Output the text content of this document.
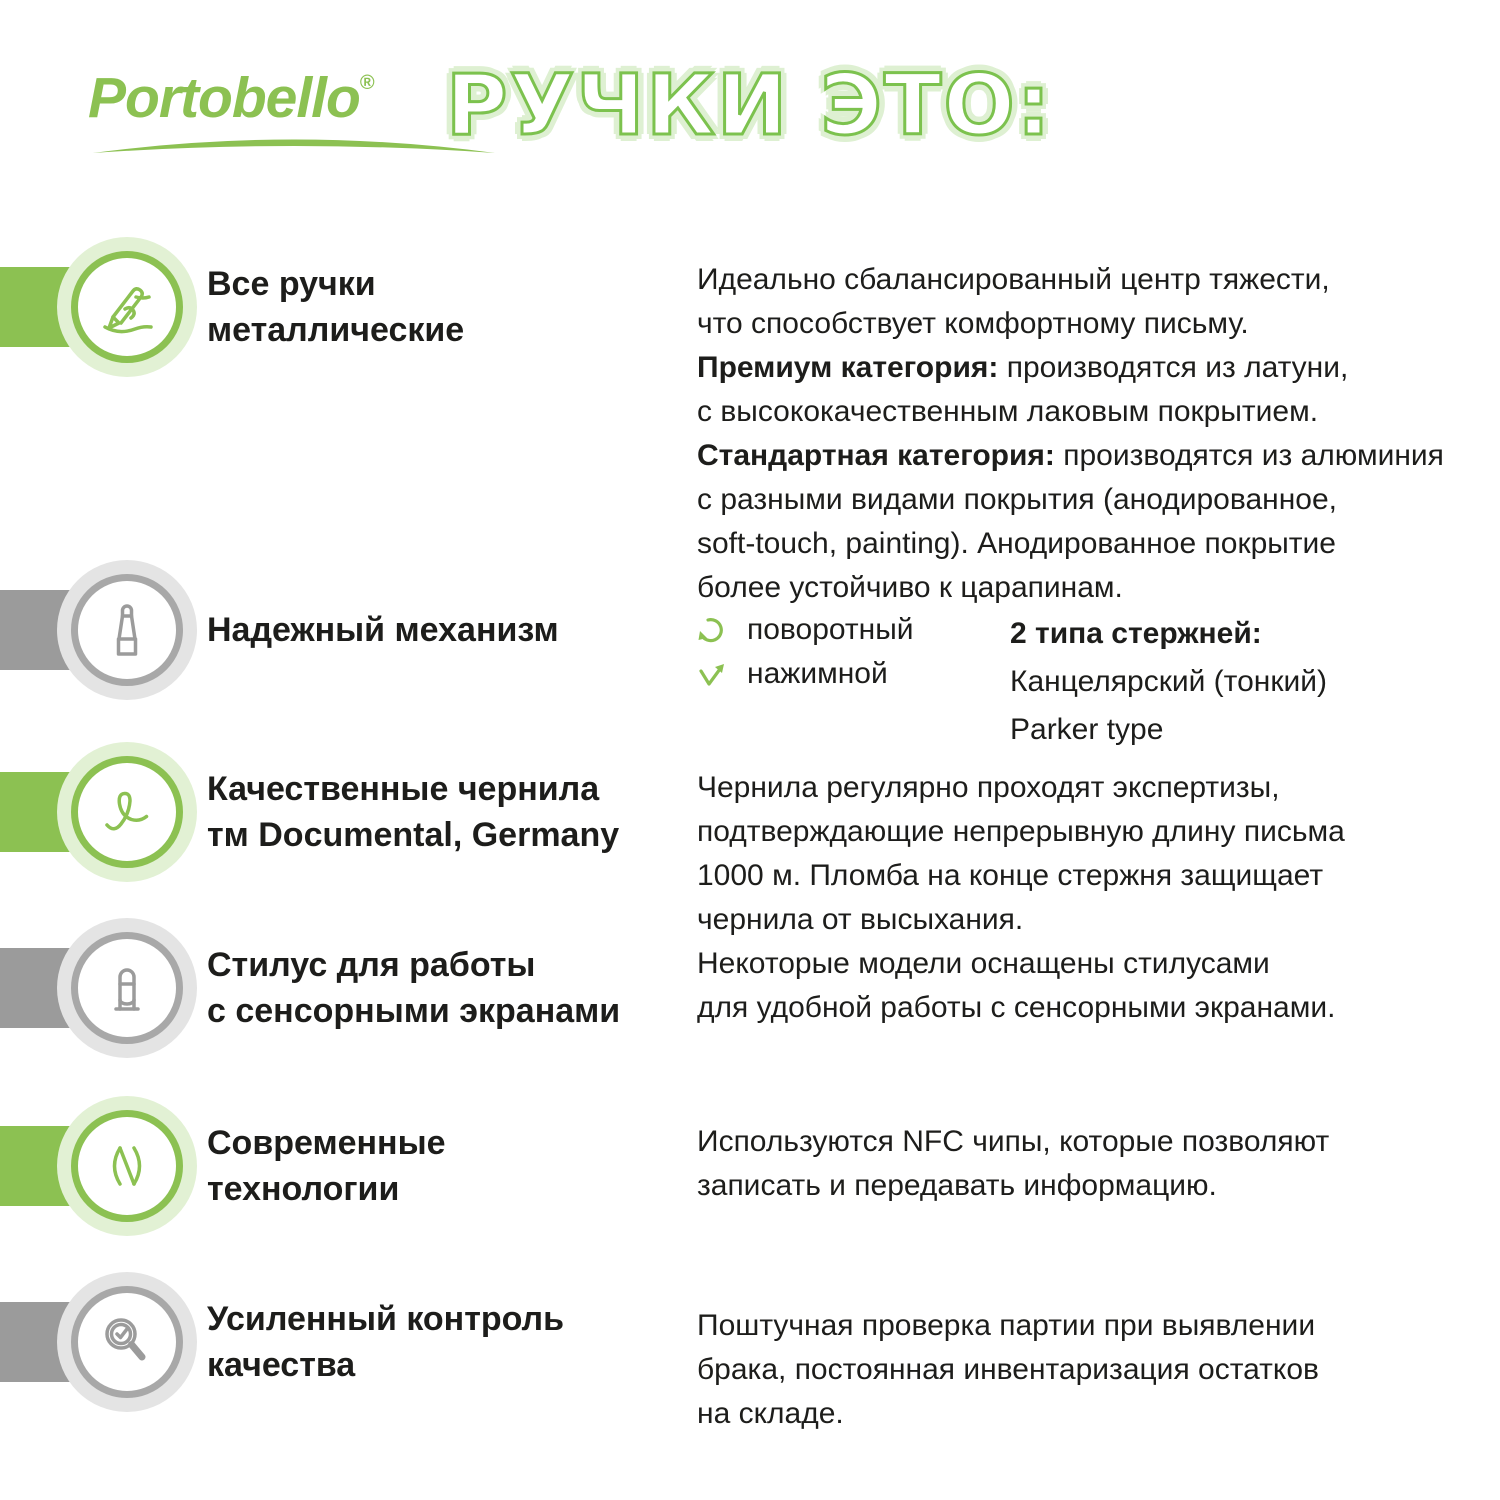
Portobello® РУЧКИ ЭТО:
Все ручки
металлические
Идеально сбалансированный центр тяжести,
что способствует комфортному письму.
Премиум категория: производятся из латуни,
с высококачественным лаковым покрытием.
Стандартная категория: производятся из алюминия
с разными видами покрытия (анодированное,
soft-touch, painting). Анодированное покрытие
более устойчиво к царапинам.
Надежный механизм	поворотный
нажимной
2 типа стержней:
Канцелярский (тонкий)
Parker type
Качественные чернила
тм Documental, Germany
Чернила регулярно проходят экспертизы,
подтверждающие непрерывную длину письма
1000 м. Пломба на конце стержня защищает
чернила от высыхания.
Стилус для работы
с сенсорными экранами
Некоторые модели оснащены стилусами
для удобной работы с сенсорными экранами.
Современные
технологии
Используются NFC чипы, которые позволяют
записать и передавать информацию.
Усиленный контроль
качества
Поштучная проверка партии при выявлении
брака, постоянная инвентаризация остатков
на складе.
